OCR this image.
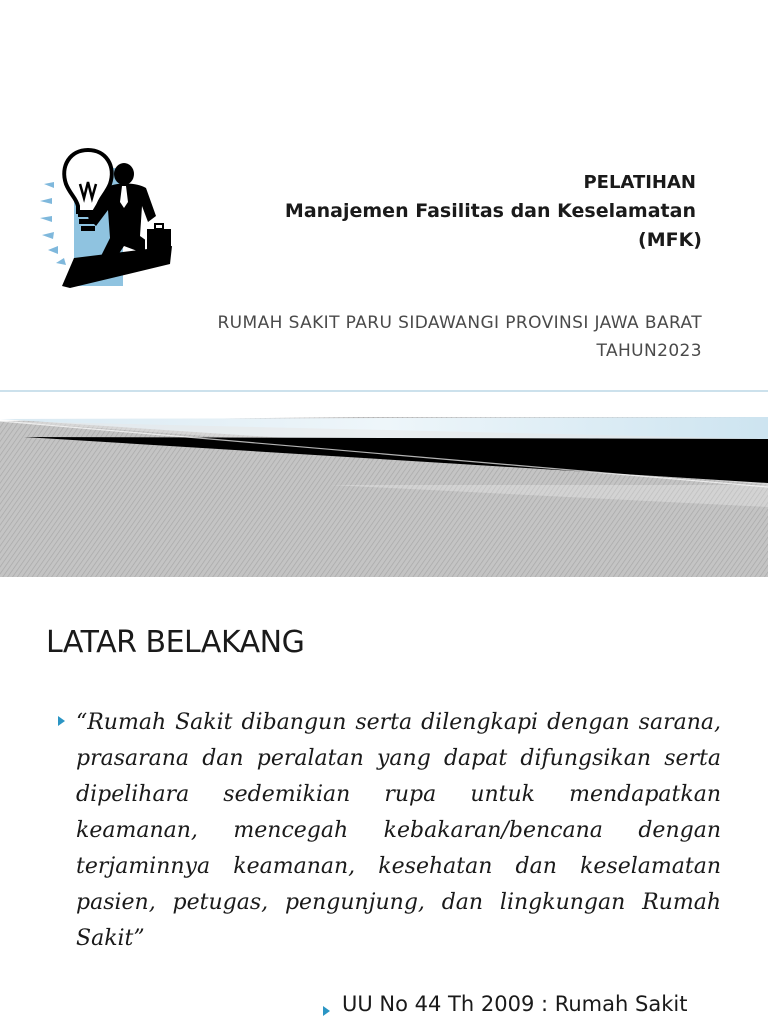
PELATIHAN
Manajemen Fasilitas dan Keselamatan
(MFK)
RUMAH SAKIT PARU SIDAWANGI PROVINSI JAWA BARAT
TAHUN2023
LATAR BELAKANG

“Rumah Sakit dibangun serta dilengkapi dengan sarana, prasarana dan peralatan yang dapat difungsikan serta dipelihara sedemikian rupa untuk mendapatkan keamanan, mencegah kebakaran/bencana dengan terjaminnya keamanan, kesehatan dan keselamatan pasien, petugas, pengunjung, dan lingkungan Rumah Sakit”

UU No 44 Th 2009 : Rumah Sakit
